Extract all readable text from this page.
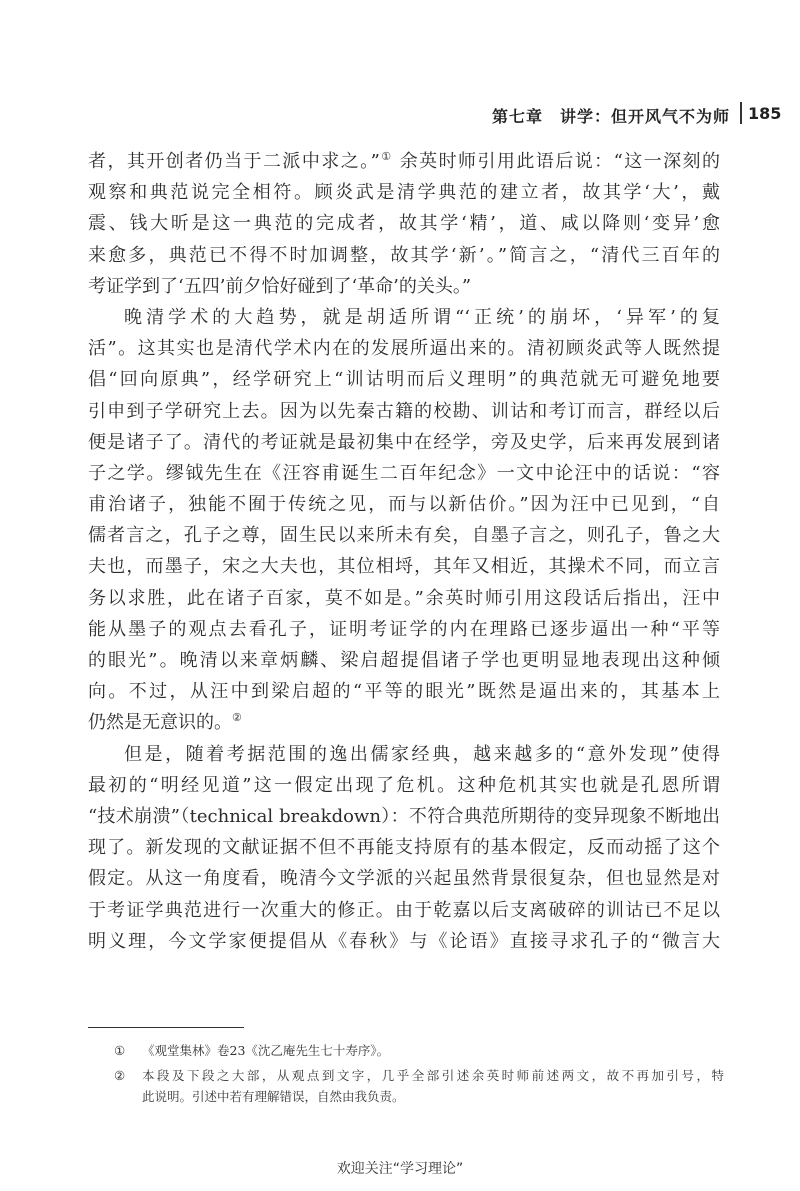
第七章　讲学：但开风气不为师 185
者，其开创者仍当于二派中求之。”① 余英时师引用此语后说：“这一深刻的
观察和典范说完全相符。顾炎武是清学典范的建立者，故其学‘大’，戴
震、钱大昕是这一典范的完成者，故其学‘精’，道、咸以降则‘变异’愈
来愈多，典范已不得不时加调整，故其学‘新’。”简言之，“清代三百年的
考证学到了‘五四’前夕恰好碰到了‘革命’的关头。”
晚清学术的大趋势，就是胡适所谓“‘正统’的崩坏，‘异军’的复
活”。这其实也是清代学术内在的发展所逼出来的。清初顾炎武等人既然提
倡“回向原典”，经学研究上“训诂明而后义理明”的典范就无可避免地要
引申到子学研究上去。因为以先秦古籍的校勘、训诂和考订而言，群经以后
便是诸子了。清代的考证就是最初集中在经学，旁及史学，后来再发展到诸
子之学。缪钺先生在《汪容甫诞生二百年纪念》一文中论汪中的话说：“容
甫治诸子，独能不囿于传统之见，而与以新估价。”因为汪中已见到，“自
儒者言之，孔子之尊，固生民以来所未有矣，自墨子言之，则孔子，鲁之大
夫也，而墨子，宋之大夫也，其位相埒，其年又相近，其操术不同，而立言
务以求胜，此在诸子百家，莫不如是。”余英时师引用这段话后指出，汪中
能从墨子的观点去看孔子，证明考证学的内在理路已逐步逼出一种“平等
的眼光”。晚清以来章炳麟、梁启超提倡诸子学也更明显地表现出这种倾
向。不过，从汪中到梁启超的“平等的眼光”既然是逼出来的，其基本上
仍然是无意识的。②
但是，随着考据范围的逸出儒家经典，越来越多的“意外发现”使得
最初的“明经见道”这一假定出现了危机。这种危机其实也就是孔恩所谓
“技术崩溃”（technical breakdown）：不符合典范所期待的变异现象不断地出
现了。新发现的文献证据不但不再能支持原有的基本假定，反而动摇了这个
假定。从这一角度看，晚清今文学派的兴起虽然背景很复杂，但也显然是对
于考证学典范进行一次重大的修正。由于乾嘉以后支离破碎的训诂已不足以
明义理，今文学家便提倡从《春秋》与《论语》直接寻求孔子的“微言大
① 《观堂集林》卷23《沈乙庵先生七十寿序》。
② 本段及下段之大部，从观点到文字，几乎全部引述余英时师前述两文，故不再加引号，特
此说明。引述中若有理解错误，自然由我负责。
欢迎关注“学习理论”
